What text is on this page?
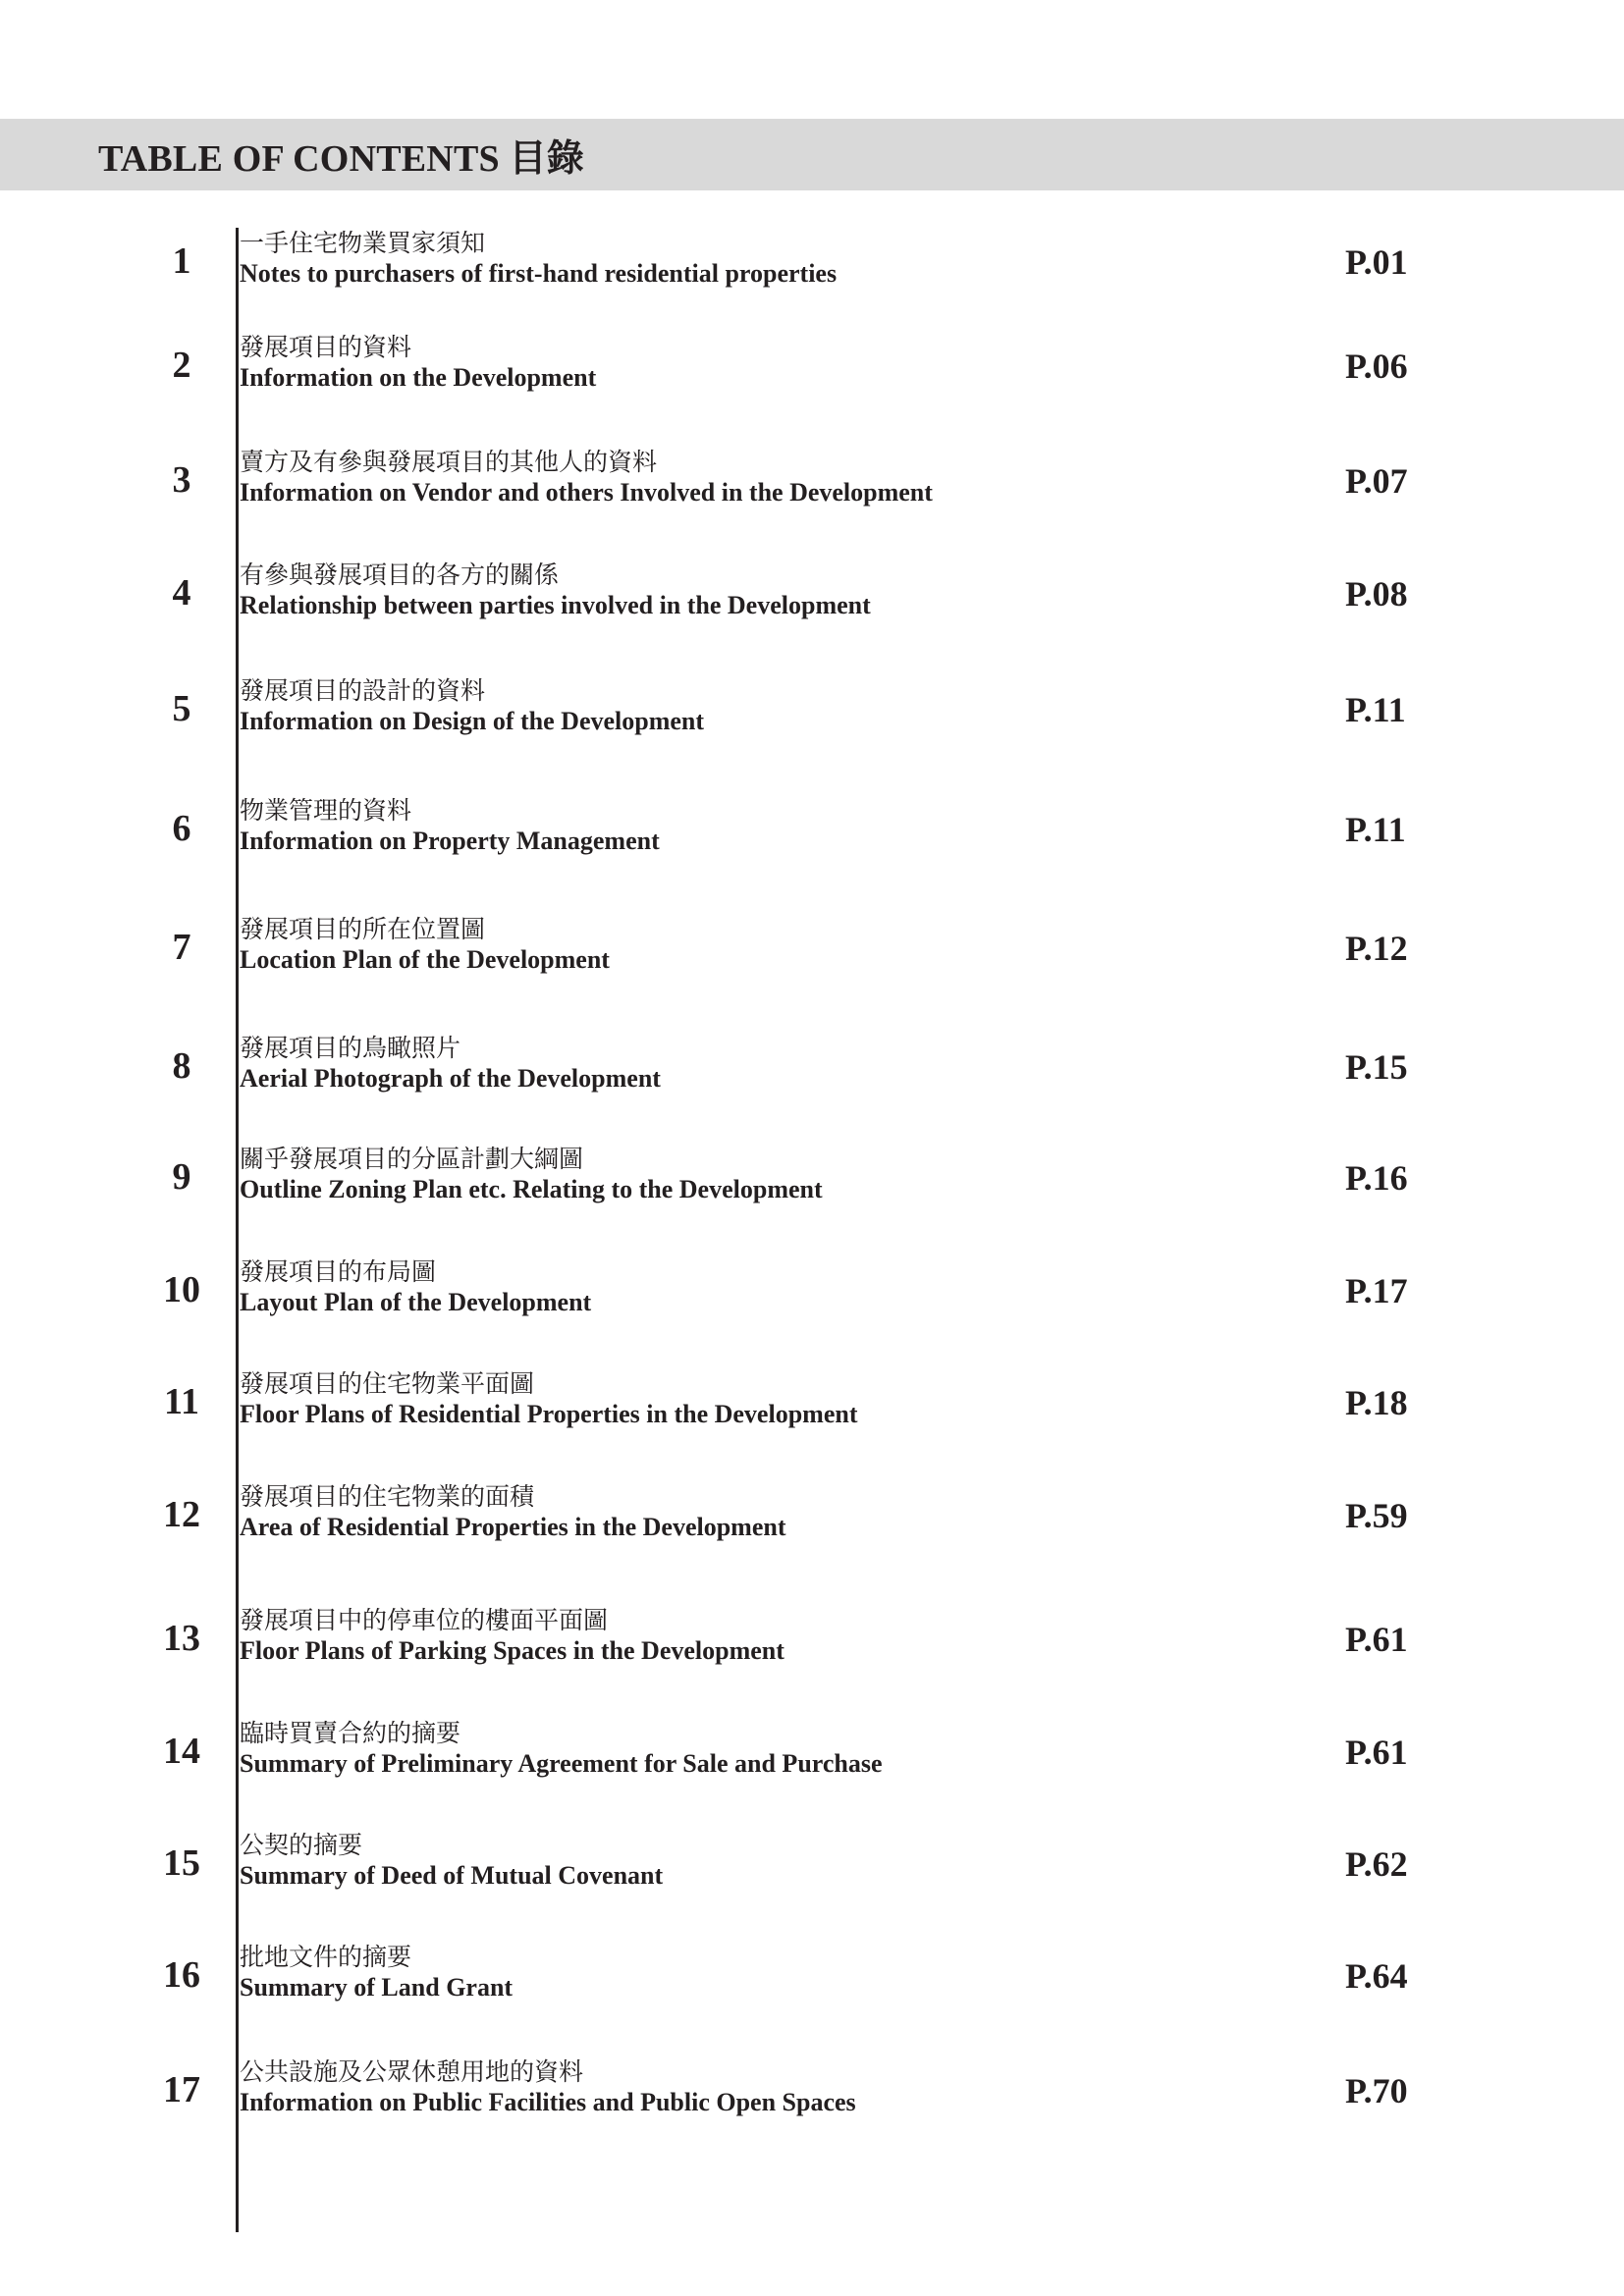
TABLE OF CONTENTS 目錄
1	一手住宅物業買家須知
Notes to purchasers of first-hand residential properties	P.01
2	發展項目的資料
Information on the Development	P.06
3	賣方及有參與發展項目的其他人的資料
Information on Vendor and others Involved in the Development	P.07
4	有參與發展項目的各方的關係
Relationship between parties involved in the Development	P.08
5	發展項目的設計的資料
Information on Design of the Development	P.11
6	物業管理的資料
Information on Property Management	P.11
7	發展項目的所在位置圖
Location Plan of the Development	P.12
8	發展項目的鳥瞰照片
Aerial Photograph of the Development	P.15
9	關乎發展項目的分區計劃大綱圖
Outline Zoning Plan etc. Relating to the Development	P.16
10	發展項目的布局圖
Layout Plan of the Development	P.17
11	發展項目的住宅物業平面圖
Floor Plans of Residential Properties in the Development	P.18
12	發展項目的住宅物業的面積
Area of Residential Properties in the Development	P.59
13	發展項目中的停車位的樓面平面圖
Floor Plans of Parking Spaces in the Development	P.61
14	臨時買賣合約的摘要
Summary of Preliminary Agreement for Sale and Purchase	P.61
15	公契的摘要
Summary of Deed of Mutual Covenant	P.62
16	批地文件的摘要
Summary of Land Grant	P.64
17	公共設施及公眾休憩用地的資料
Information on Public Facilities and Public Open Spaces	P.70
